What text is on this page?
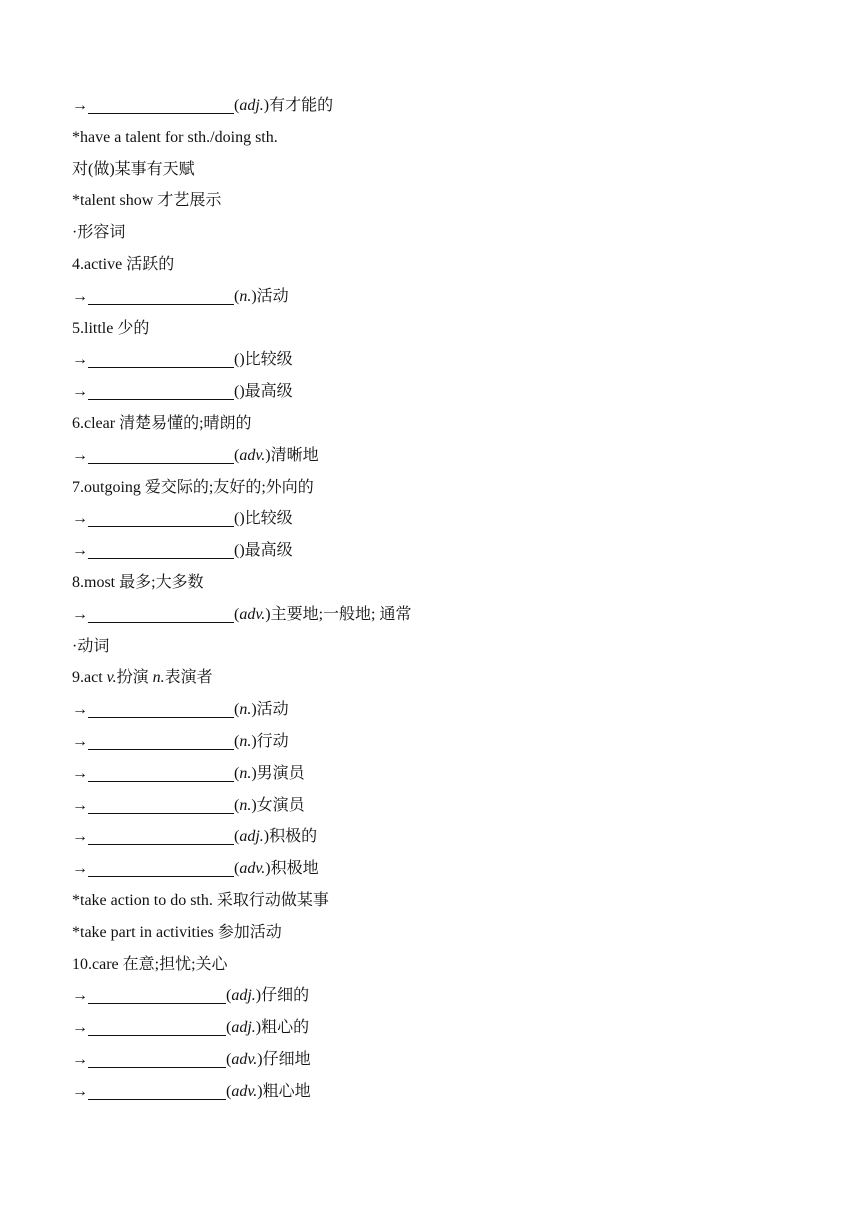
→	(adj.)有才能的
*have a talent for sth./doing sth.
对(做)某事有天赋
*talent show 才艺展示
·形容词
4.active 活跃的
→	(n.)活动
5.little 少的
→	()比较级
→	()最高级
6.clear 清楚易懂的;晴朗的
→	(adv.)清晰地
7.outgoing 爱交际的;友好的;外向的
→	()比较级
→	()最高级
8.most 最多;大多数
→	(adv.)主要地;一般地; 通常
·动词
9.act v.扮演 n.表演者
→	(n.)活动
→	(n.)行动
→	(n.)男演员
→	(n.)女演员
→	(adj.)积极的
→	(adv.)积极地
*take action to do sth. 采取行动做某事
*take part in activities 参加活动
10.care 在意;担忧;关心
→	(adj.)仔细的
→	(adj.)粗心的
→	(adv.)仔细地
→	(adv.)粗心地
